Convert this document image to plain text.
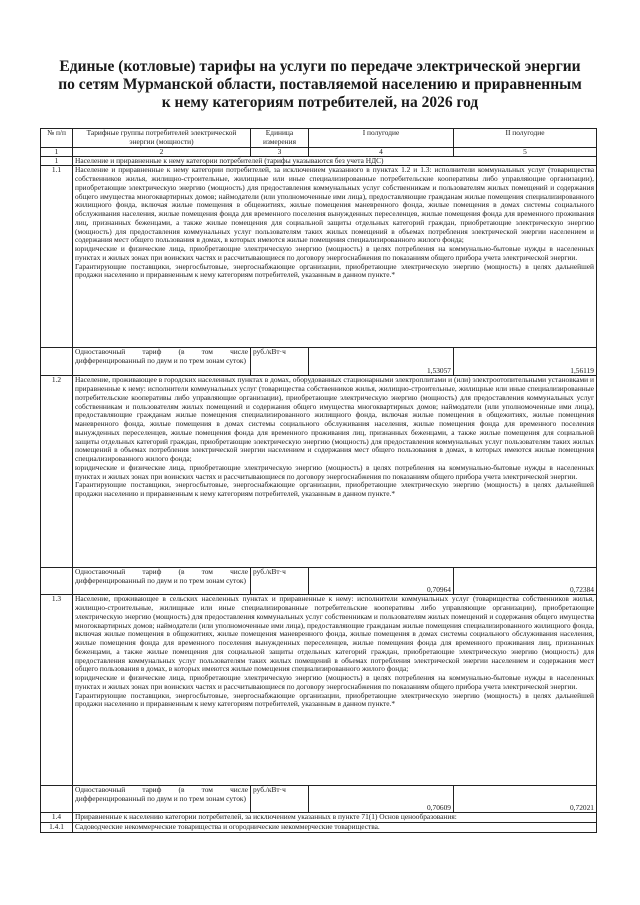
Единые (котловые) тарифы на услуги по передаче электрической энергии
по сетям Мурманской области, поставляемой населению и приравненным
к нему категориям потребителей, на 2026 год
№ п/п	Тарифные группы потребителей электрической энергии (мощности)	Единица измерения	I полугодие	II полугодие
1	2	3	4	5
1	Население и приравненные к нему категории потребителей (тарифы указываются без учета НДС)			
1.1	Население и приравненные к нему категории потребителей, за исключением указанного в пунктах 1.2 и 1.3: исполнители коммунальных услуг (товарищества собственников жилья, жилищно-строительные, жилищные или иные специализированные потребительские кооперативы либо управляющие организации), приобретающие электрическую энергию (мощность) для предоставления коммунальных услуг собственникам и пользователям жилых помещений и содержания общего имущества многоквартирных домов; наймодатели (или уполномоченные ими лица), предоставляющие гражданам жилые помещения специализированного жилищного фонда, включая жилые помещения в общежитиях, жилые помещения маневренного фонда, жилые помещения в домах системы социального обслуживания населения, жилые помещения фонда для временного поселения вынужденных переселенцев, жилые помещения фонда для временного проживания лиц, признанных беженцами, а также жилые помещения для социальной защиты отдельных категорий граждан, приобретающие электрическую энергию (мощность) для предоставления коммунальных услуг пользователям таких жилых помещений в объемах потребления электрической энергии населением и содержания мест общего пользования в домах, в которых имеются жилые помещения специализированного жилого фонда;

юридические и физические лица, приобретающие электрическую энергию (мощность) в целях потребления на коммунально-бытовые нужды в населенных пунктах и жилых зонах при воинских частях и рассчитывающиеся по договору энергоснабжения по показаниям общего прибора учета электрической энергии.

Гарантирующие поставщики, энергосбытовые, энергоснабжающие организации, приобретающие электрическую энергию (мощность) в целях дальнейшей продажи населению и приравненным к нему категориям потребителей, указанным в данном пункте.*			

	Одноставочный тариф (в том числе дифференцированный по двум и по трем зонам суток)	руб./кВт·ч	1,53057	1,56119
1.2	Население, проживающее в городских населенных пунктах в домах, оборудованных стационарными электроплитами и (или) электроотопительными установками и приравненные к нему: исполнители коммунальных услуг (товарищества собственников жилья, жилищно-строительные, жилищные или иные специализированные потребительские кооперативы либо управляющие организации), приобретающие электрическую энергию (мощность) для предоставления коммунальных услуг собственникам и пользователям жилых помещений и содержания общего имущества многоквартирных домов; наймодатели (или уполномоченные ими лица), предоставляющие гражданам жилые помещения специализированного жилищного фонда, включая жилые помещения в общежитиях, жилые помещения маневренного фонда, жилые помещения в домах системы социального обслуживания населения, жилые помещения фонда для временного поселения вынужденных переселенцев, жилые помещения фонда для временного проживания лиц, признанных беженцами, а также жилые помещения для социальной защиты отдельных категорий граждан, приобретающие электрическую энергию (мощность) для предоставления коммунальных услуг пользователям таких жилых помещений в объемах потребления электрической энергии населением и содержания мест общего пользования в домах, в которых имеются жилые помещения специализированного жилого фонда;

юридические и физические лица, приобретающие электрическую энергию (мощность) в целях потребления на коммунально-бытовые нужды в населенных пунктах и жилых зонах при воинских частях и рассчитывающиеся по договору энергоснабжения по показаниям общего прибора учета электрической энергии.

Гарантирующие поставщики, энергосбытовые, энергоснабжающие организации, приобретающие электрическую энергию (мощность) в целях дальнейшей продажи населению и приравненным к нему категориям потребителей, указанным в данном пункте.*			

	Одноставочный тариф (в том числе дифференцированный по двум и по трем зонам суток)	руб./кВт·ч	0,70964	0,72384
1.3	Население, проживающее в сельских населенных пунктах и приравненные к нему: исполнители коммунальных услуг (товарищества собственников жилья, жилищно-строительные, жилищные или иные специализированные потребительские кооперативы либо управляющие организации), приобретающие электрическую энергию (мощность) для предоставления коммунальных услуг собственникам и пользователям жилых помещений и содержания общего имущества многоквартирных домов; наймодатели (или уполномоченные ими лица), предоставляющие гражданам жилые помещения специализированного жилищного фонда, включая жилые помещения в общежитиях, жилые помещения маневренного фонда, жилые помещения в домах системы социального обслуживания населения, жилые помещения фонда для временного поселения вынужденных переселенцев, жилые помещения фонда для временного проживания лиц, признанных беженцами, а также жилые помещения для социальной защиты отдельных категорий граждан, приобретающие электрическую энергию (мощность) для предоставления коммунальных услуг пользователям таких жилых помещений в объемах потребления электрической энергии населением и содержания мест общего пользования в домах, в которых имеются жилые помещения специализированного жилого фонда;

юридические и физические лица, приобретающие электрическую энергию (мощность) в целях потребления на коммунально-бытовые нужды в населенных пунктах и жилых зонах при воинских частях и рассчитывающиеся по договору энергоснабжения по показаниям общего прибора учета электрической энергии.

Гарантирующие поставщики, энергосбытовые, энергоснабжающие организации, приобретающие электрическую энергию (мощность) в целях дальнейшей продажи населению и приравненным к нему категориям потребителей, указанным в данном пункте.*			

	Одноставочный тариф (в том числе дифференцированный по двум и по трем зонам суток)	руб./кВт·ч	0,70609	0,72021
1.4	Приравненные к населению категории потребителей, за исключением указанных в пункте 71(1) Основ ценообразования:			
1.4.1	Садоводческие некоммерческие товарищества и огороднические некоммерческие товарищества.			
